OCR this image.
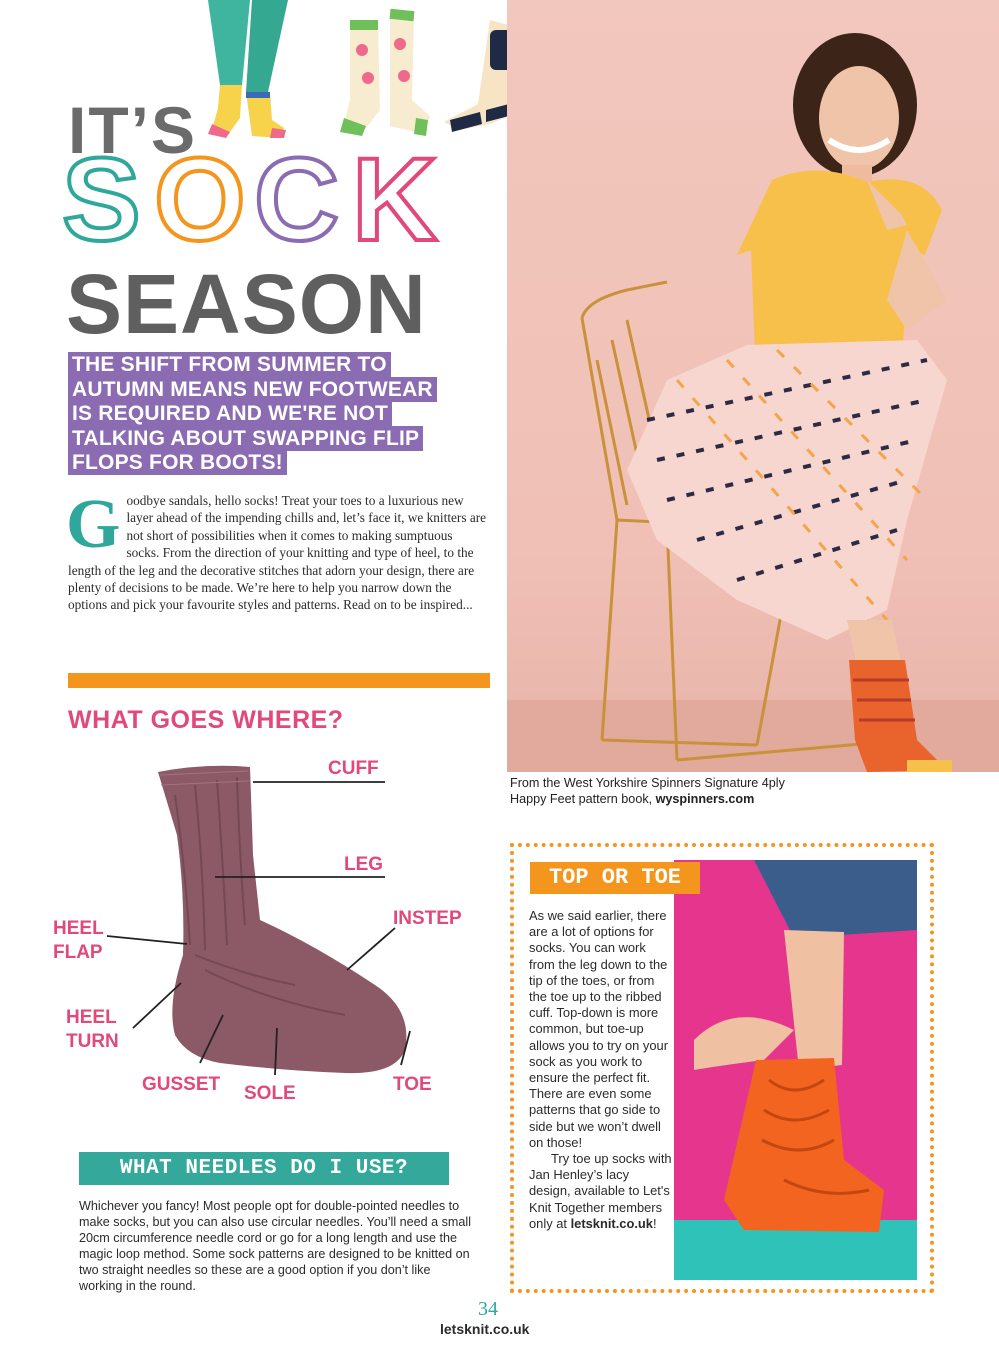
IT’S
S O C K
SEASON
THE SHIFT FROM SUMMER TO
AUTUMN MEANS NEW FOOTWEAR
IS REQUIRED AND WE'RE NOT
TALKING ABOUT SWAPPING FLIP
FLOPS FOR BOOTS!
Goodbye sandals, hello socks! Treat your toes to a luxurious new layer ahead of the impending chills and, let’s face it, we knitters are not short of possibilities when it comes to making sumptuous socks. From the direction of your knitting and type of heel, to the length of the leg and the decorative stitches that adorn your design, there are plenty of decisions to be made. We’re here to help you narrow down the options and pick your favourite styles and patterns. Read on to be inspired...
From the West Yorkshire Spinners Signature 4ply Happy Feet pattern book, wyspinners.com
WHAT GOES WHERE?
CUFF
LEG
INSTEP
HEEL
FLAP
HEEL
TURN
GUSSET SOLE	TOE
WHAT NEEDLES DO I USE?
Whichever you fancy! Most people opt for double-pointed needles to make socks, but you can also use circular needles. You’ll need a small 20cm circumference needle cord or go for a long length and use the magic loop method. Some sock patterns are designed to be knitted on two straight needles so these are a good option if you don’t like working in the round.
TOP OR TOE
As we said earlier, there are a lot of options for socks. You can work from the leg down to the tip of the toes, or from the toe up to the ribbed cuff. Top-down is more common, but toe-up allows you to try on your sock as you work to ensure the perfect fit. There are even some patterns that go side to side but we won’t dwell on those!
Try toe up socks with Jan Henley’s lacy design, available to Let's Knit Together members only at letsknit.co.uk!
34
letsknit.co.uk
